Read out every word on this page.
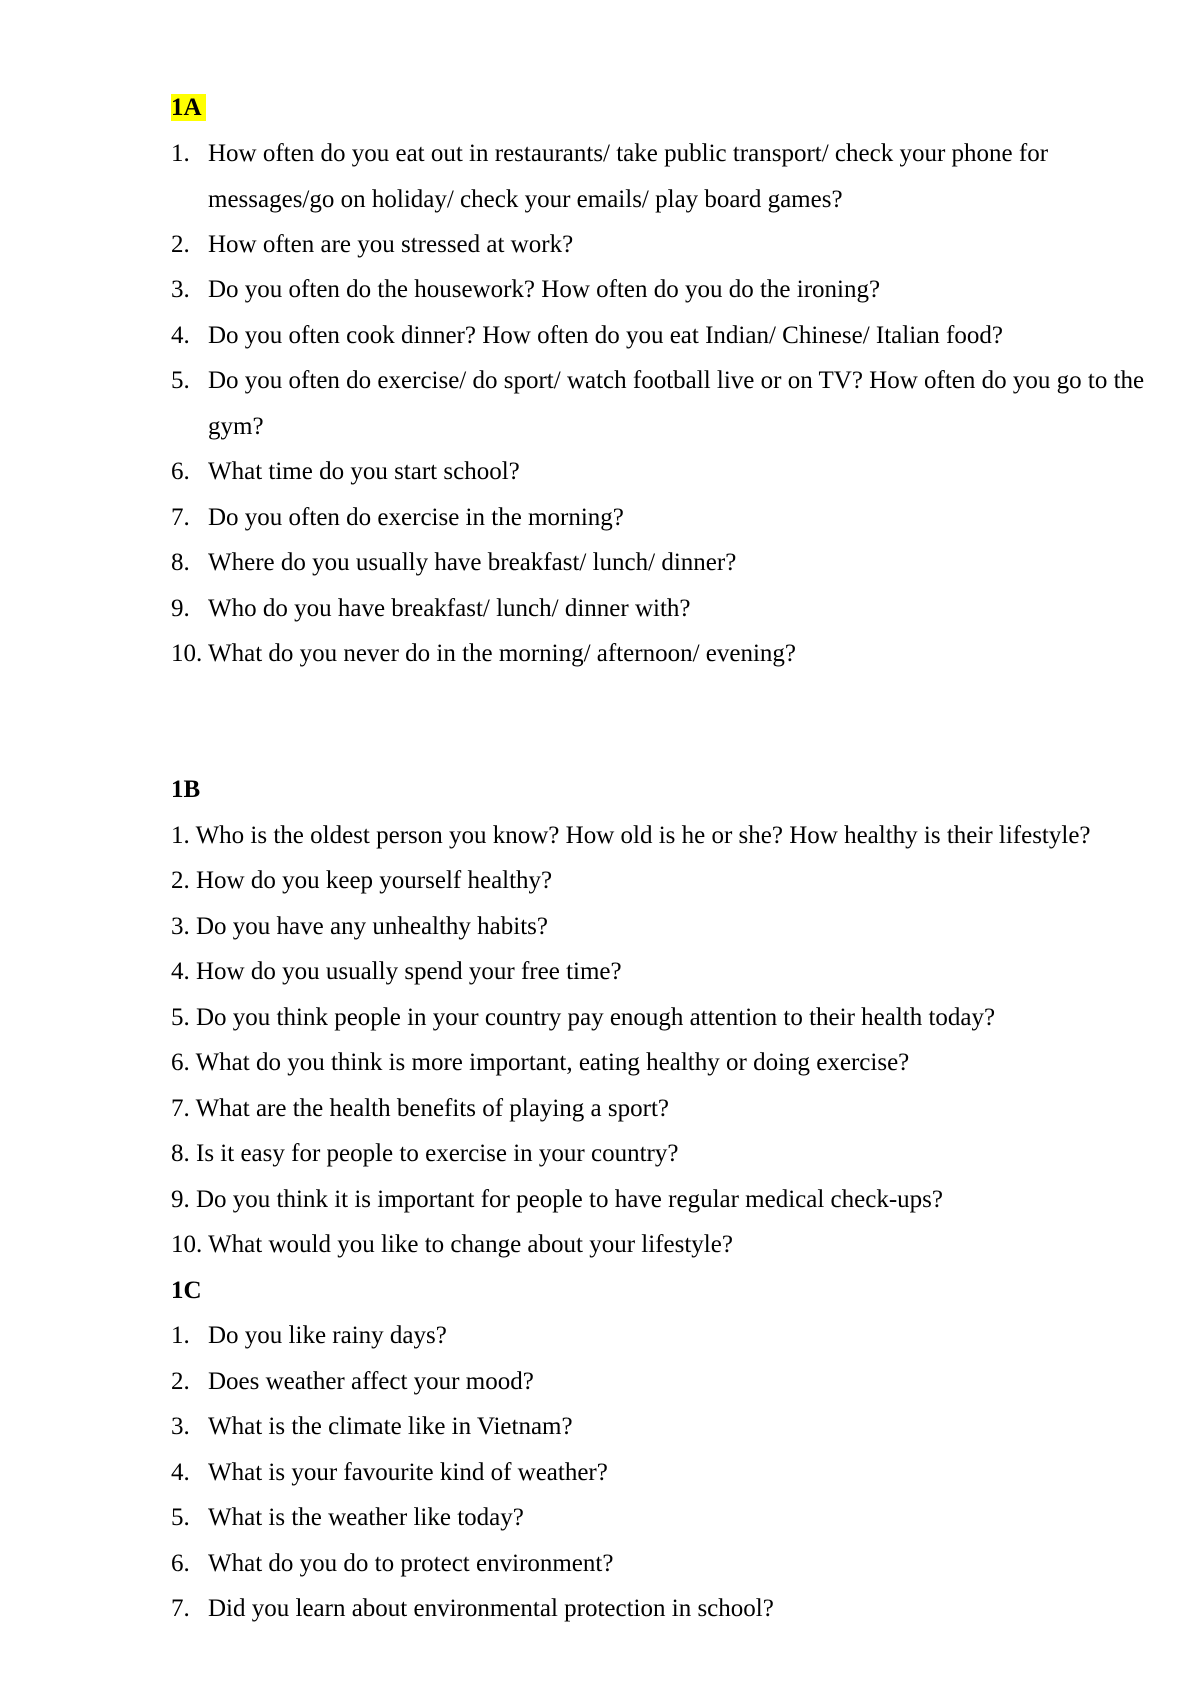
1A
1. How often do you eat out in restaurants/ take public transport/ check your phone for messages/go on holiday/ check your emails/ play board games?
2. How often are you stressed at work?
3. Do you often do the housework? How often do you do the ironing?
4. Do you often cook dinner? How often do you eat Indian/ Chinese/ Italian food?
5. Do you often do exercise/ do sport/ watch football live or on TV? How often do you go to the gym?
6. What time do you start school?
7. Do you often do exercise in the morning?
8. Where do you usually have breakfast/ lunch/ dinner?
9. Who do you have breakfast/ lunch/ dinner with?
10. What do you never do in the morning/ afternoon/ evening?
1B
1. Who is the oldest person you know? How old is he or she? How healthy is their lifestyle?
2. How do you keep yourself healthy?
3. Do you have any unhealthy habits?
4. How do you usually spend your free time?
5. Do you think people in your country pay enough attention to their health today?
6. What do you think is more important, eating healthy or doing exercise?
7. What are the health benefits of playing a sport?
8. Is it easy for people to exercise in your country?
9. Do you think it is important for people to have regular medical check-ups?
10. What would you like to change about your lifestyle?
1C
1. Do you like rainy days?
2. Does weather affect your mood?
3. What is the climate like in Vietnam?
4. What is your favourite kind of weather?
5. What is the weather like today?
6. What do you do to protect environment?
7. Did you learn about environmental protection in school?
